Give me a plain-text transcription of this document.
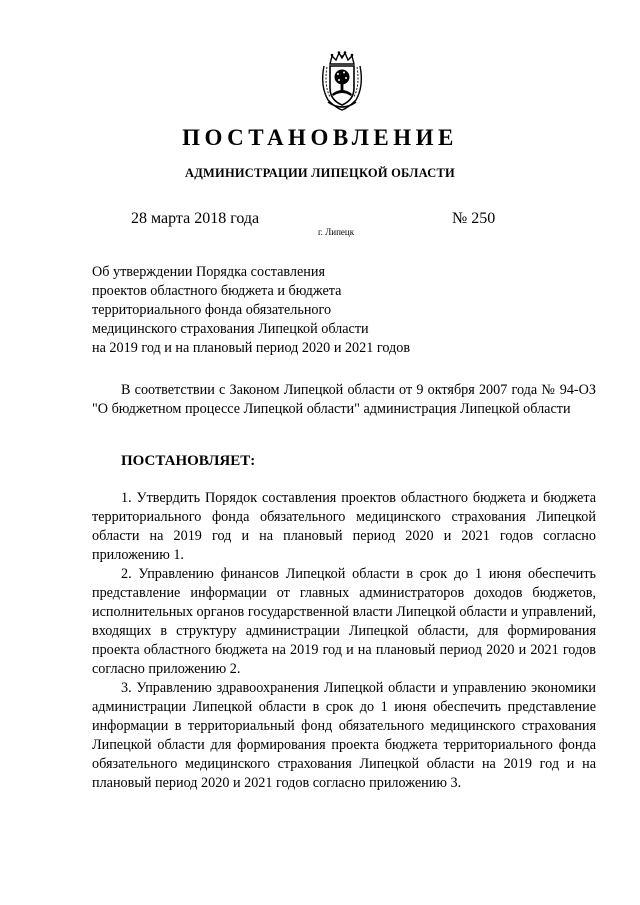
ПОСТАНОВЛЕНИЕ
АДМИНИСТРАЦИИ ЛИПЕЦКОЙ ОБЛАСТИ
28 марта 2018 года	№ 250
г. Липецк
Об утверждении Порядка составления
проектов областного бюджета и бюджета
территориального фонда обязательного
медицинского страхования Липецкой области
на 2019 год и на плановый период 2020 и 2021 годов

В соответствии с Законом Липецкой области от 9 октября 2007 года № 94-ОЗ "О бюджетном процессе Липецкой области" администрация Липецкой области

ПОСТАНОВЛЯЕТ:

1. Утвердить Порядок составления проектов областного бюджета и бюджета территориального фонда обязательного медицинского страхования Липецкой области на 2019 год и на плановый период 2020 и 2021 годов согласно приложению 1.

2. Управлению финансов Липецкой области в срок до 1 июня обеспечить представление информации от главных администраторов доходов бюджетов, исполнительных органов государственной власти Липецкой области и управлений, входящих в структуру администрации Липецкой области, для формирования проекта областного бюджета на 2019 год и на плановый период 2020 и 2021 годов согласно приложению 2.

3. Управлению здравоохранения Липецкой области и управлению экономики администрации Липецкой области в срок до 1 июня обеспечить представление информации в территориальный фонд обязательного медицинского страхования Липецкой области для формирования проекта бюджета территориального фонда обязательного медицинского страхования Липецкой области на 2019 год и на плановый период 2020 и 2021 годов согласно приложению 3.
